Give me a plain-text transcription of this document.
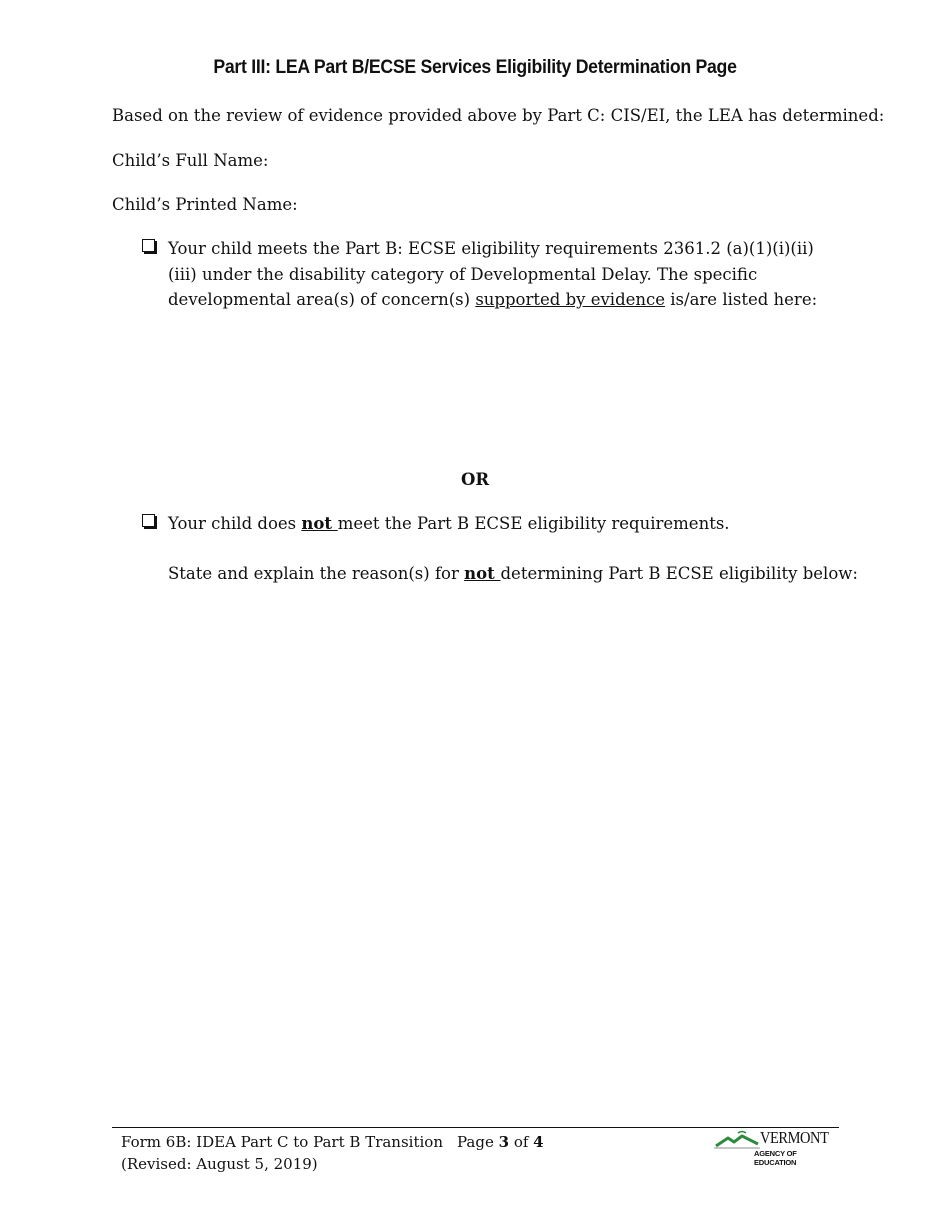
Part III: LEA Part B/ECSE Services Eligibility Determination Page
Based on the review of evidence provided above by Part C: CIS/EI, the LEA has determined:
Child’s Full Name:
Child’s Printed Name:
Your child meets the Part B: ECSE eligibility requirements 2361.2 (a)(1)(i)(ii)(iii) under the disability category of Developmental Delay. The specific developmental area(s) of concern(s) supported by evidence is/are listed here:
OR
Your child does not meet the Part B ECSE eligibility requirements.
State and explain the reason(s) for not determining Part B ECSE eligibility below:
Form 6B: IDEA Part C to Part B Transition
(Revised: August 5, 2019)
Page 3 of 4	VERMONT
AGENCY OF EDUCATION
